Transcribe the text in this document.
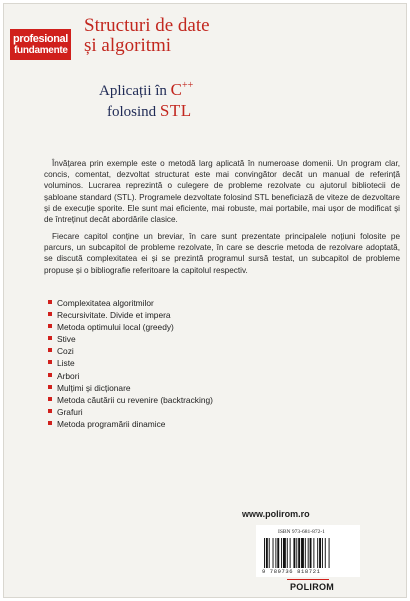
profesional
fundamente
Structuri de date
și algoritmi
Aplicații în C++
folosind STL

Învățarea prin exemple este o metodă larg aplicată în numeroase domenii. Un program clar, concis, comentat, dezvoltat structurat este mai convingător decât un manual de referință voluminos. Lucrarea reprezintă o culegere de probleme rezolvate cu ajutorul bibliotecii de șabloane standard (STL). Programele dezvoltate folosind STL beneficiază de viteze de dezvoltare și de execuție sporite. Ele sunt mai eficiente, mai robuste, mai portabile, mai ușor de modificat și de întreținut decât abordările clasice.

Fiecare capitol conține un breviar, în care sunt prezentate principalele noțiuni folosite pe parcurs, un subcapitol de probleme rezolvate, în care se descrie metoda de rezolvare adoptată, se discută complexitatea ei și se prezintă programul sursă testat, un subcapitol de probleme propuse și o bibliografie referitoare la capitolul respectiv.

Complexitatea algoritmilor
Recursivitate. Divide et impera
Metoda optimului local (greedy)
Stive
Cozi
Liste
Arbori
Mulțimi și dicționare
Metoda căutării cu revenire (backtracking)
Grafuri
Metoda programării dinamice
www.polirom.ro
ISBN 973-681-872-1
9 789736 818721
POLIROM
